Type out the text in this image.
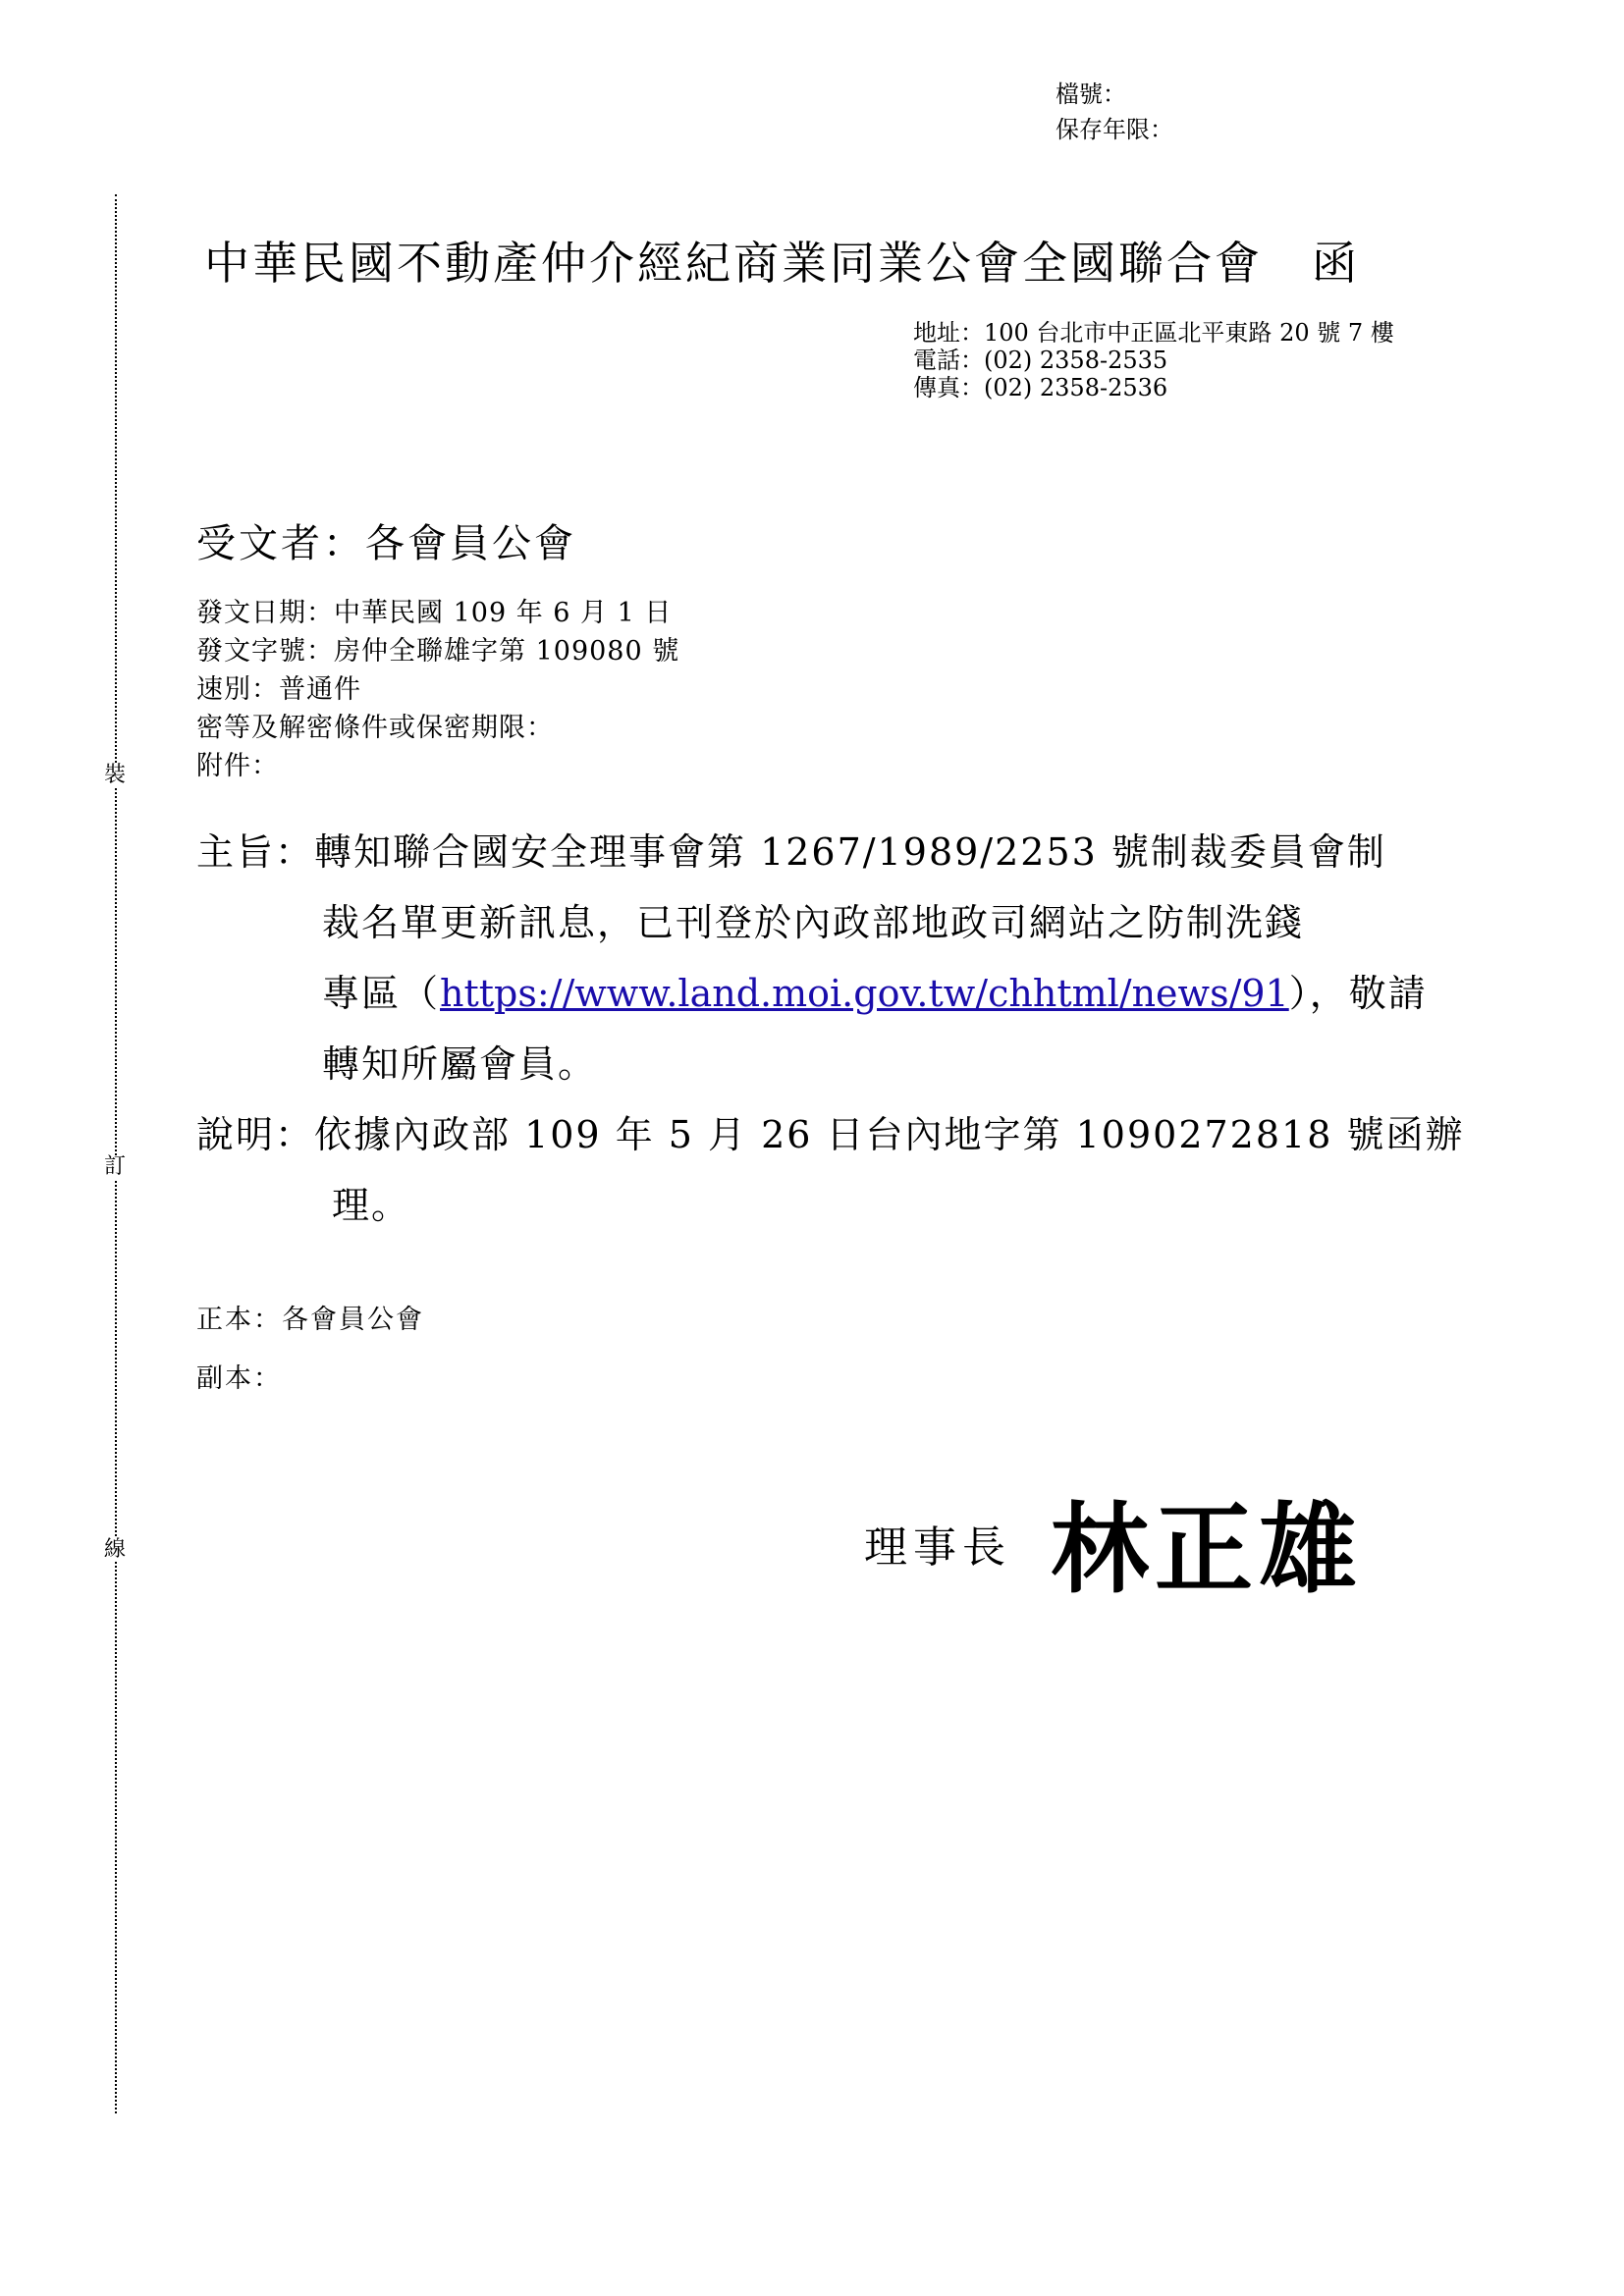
檔號：
保存年限：
裝
訂
線
中華民國不動產仲介經紀商業同業公會全國聯合會 函
地址：100 台北市中正區北平東路 20 號 7 樓
電話：(02) 2358-2535
傳真：(02) 2358-2536
受文者：各會員公會
發文日期：中華民國 109 年 6 月 1 日
發文字號：房仲全聯雄字第 109080 號
速別：普通件
密等及解密條件或保密期限：
附件：
主旨：轉知聯合國安全理事會第 1267/1989/2253 號制裁委員會制
裁名單更新訊息，已刊登於內政部地政司網站之防制洗錢
專區（https://www.land.moi.gov.tw/chhtml/news/91），敬請
轉知所屬會員。
說明：依據內政部 109 年 5 月 26 日台內地字第 1090272818 號函辦
理。
正本：各會員公會
副本：
理事長 林正雄
